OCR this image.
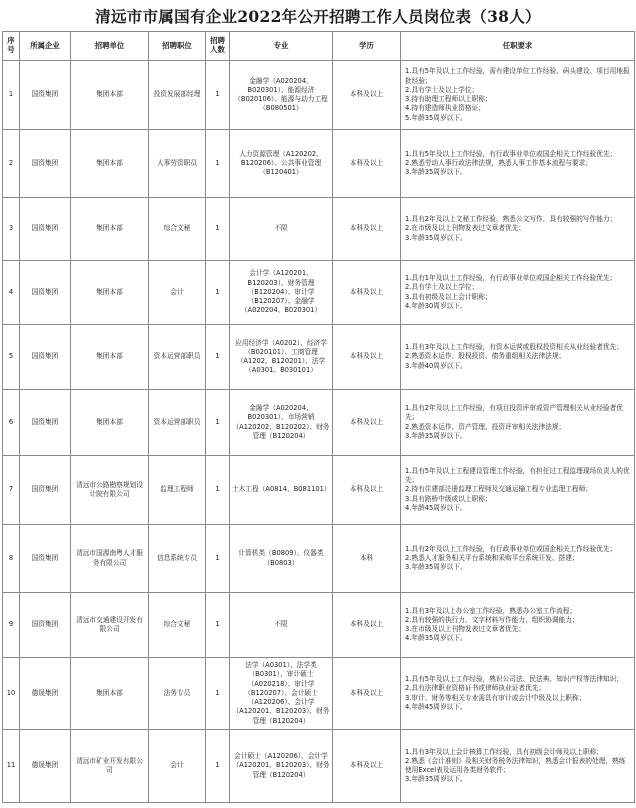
清远市市属国有企业2022年公开招聘工作人员岗位表（38人）
序号	所属企业	招聘单位	招聘职位	招聘人数	专业	学历	任职要求
1	国资集团	集团本部	投资发展部经理	1	金融学（A020204、B020301）、能源经济（B020106）、能源与动力工程（B080501）	本科及以上	1.具有5年及以上工作经验，需有建设单位工作经验、码头建设、项目用地报批经验；
2.具有学士及以上学位；
3.持有助理工程师以上职称；
4.持有建造师执业资格证；
5.年龄35周岁以下。

2	国资集团	集团本部	人事劳资职员	1	人力资源管理（A120202、B120206）、公共事业管理（B120401）	本科及以上	1.具有5年及以上工作经验，有行政事业单位或国企相关工作经验优先；
2.熟悉劳动人事行政法律法规，熟悉人事工作基本流程与要求；
3.年龄35周岁以下。

3	国资集团	集团本部	综合文秘	1	不限	本科及以上	1.具有2年及以上文秘工作经验，熟悉公文写作，具有较强的写作能力；
2.在市级及以上刊物发表过文章者优先；
3.年龄35周岁以下。

4	国资集团	集团本部	会计	1	会计学（A120201、B120203）、财务管理（B120204）、审计学（B120207）、金融学（A020204、B020301）	本科及以上	1.具有1年及以上工作经验，有行政事业单位或国企相关工作经验优先；
2.具有学士及以上学位；
3.具有初级及以上会计职称；
4.年龄30周岁以下。

5	国资集团	集团本部	资本运营部职员	1	应用经济学（A0202）、经济学（B020101）、工商管理（A1202、B120201）、法学（A0301、B030101）	本科及以上	1.具有3年及以上工作经验，有资本运营或股权投资相关从业经验者优先；
2.熟悉资本运作、股权投资、债务重组相关法律法规；
3.年龄40周岁以下。

6	国资集团	集团本部	资本运营部职员	1	金融学（A020204、B020301）、市场营销（A120202、B120202）、财务管理（B120204）	本科及以上	1.具有2年及以上工作经验，有项目投资评审或资产管理相关从业经验者优先；
2.熟悉资本运作、资产管理、投资评审相关法律法规；
3.年龄35周岁以下。

7	国资集团	清远市公路勘察规划设计院有限公司	监理工程师	1	土木工程（A0814、B081101）	本科及以上	1.具有5年及以上工程建设管理工作经验，有担任过工程监理现场负责人的优先；
2.持有住建部注册监理工程师及交通运输工程专业监理工程师；
3.具有路桥中级或以上职称；
4.年龄45周岁以下。

8	国资集团	清远市国源南粤人才服务有限公司	信息系统专员	1	计算机类（B0809）、仪器类（B0803）	本科	1.具有2年及以上工作经验，有行政事业单位或国企相关工作经验优先；
2.熟悉人才服务相关平台系统和采购平台系统开发、搭建；
3.年龄35周岁以下。

9	国资集团	清远市交通建设开发有限公司	综合文秘	1	不限	本科及以上	1.具有3年及以上办公室工作经验，熟悉办公室工作流程；
2.具有较强的执行力、文字材料写作能力，组织协调能力；
3.在市级及以上刊物发表过文章者优先；
4.年龄35周岁以下。

10	德晟集团	集团本部	法务专员	1	法学（A0301）、法学类（B0301）、审计硕士（A020218）、审计学（B120207）、会计硕士（A120206）、会计学（A120201、B120203）、财务管理（B120204）	本科及以上	1.具有5年及以上工作经验，熟识公司法、民法典、知识产权等法律知识；
2.具有法律职业资格证书或律师执业证者优先；
3.审计、财务等相关专业需具有审计或会计中级及以上职称；
4.年龄45周岁以下。

11	德晟集团	清远市矿业开发有限公司	会计	1	会计硕士（A120206）、会计学（A120201、B120203）、财务管理（B120204）	本科及以上	1.具有3年及以上会计核算工作经验，具有初级会计师及以上职称；
2.熟悉《会计准则》及相关财务税务法律知识，熟悉会计报表的处理，熟练使用Excel表及运用各类财务软件；
3.年龄35周岁以下。
